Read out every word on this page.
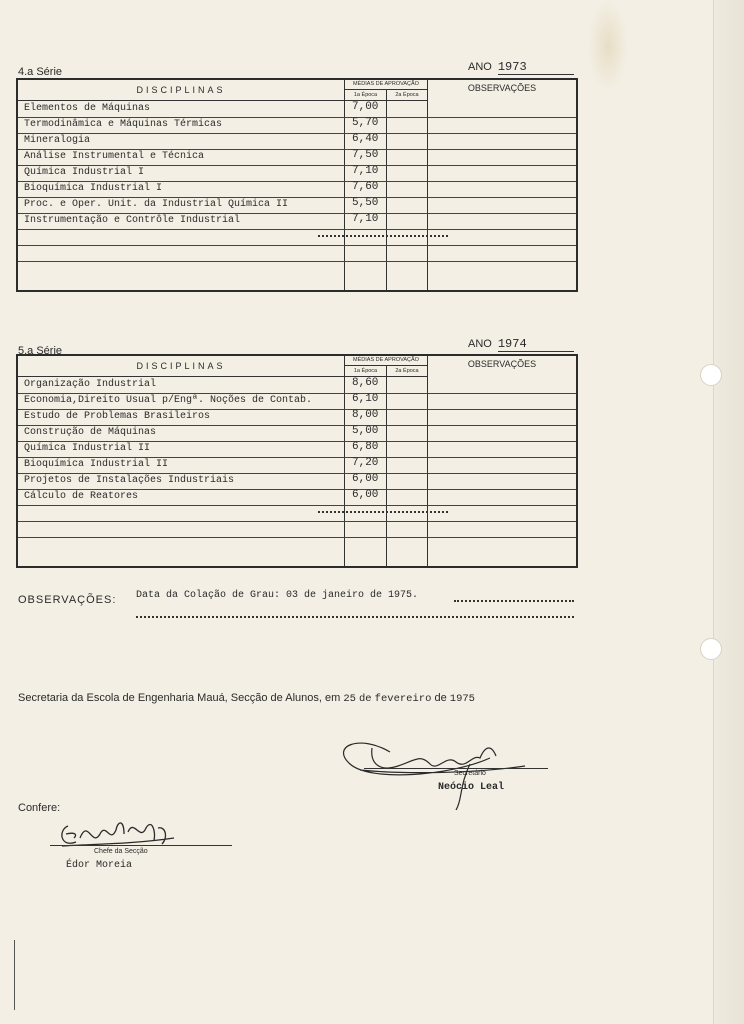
4.a Série	ANO 1973
DISCIPLINAS
MÉDIAS DE APROVAÇÃO
1a Época	2a Época
OBSERVAÇÕES
Elementos de Máquinas	7,00
Termodinâmica e Máquinas Térmicas	5,70
Mineralogia	6,40
Análise Instrumental e Técnica	7,50
Química Industrial I	7,10
Bioquímica Industrial I	7,60
Proc. e Oper. Unit. da Industrial Química II	5,50
Instrumentação e Contrôle Industrial	7,10
5.a Série
ANO 1974
DISCIPLINAS
MÉDIAS DE APROVAÇÃO
1a Época	2a Época
OBSERVAÇÕES
Organização Industrial	8,60
Economia,Direito Usual p/Engª. Noções de Contab.	6,10
Estudo de Problemas Brasileiros	8,00
Construção de Máquinas	5,00
Química Industrial II	6,80
Bioquímica Industrial II	7,20
Projetos de Instalações Industriais	6,00
Cálculo de Reatores	6,00
OBSERVAÇÕES: Data da Colação de Grau: 03 de janeiro de 1975.
Secretaria da Escola de Engenharia Mauá, Secção de Alunos, em 25 de fevereiro de 1975
Secretário
Neócio Leal
Confere:
Chefe da Secção
Édor Moreia
